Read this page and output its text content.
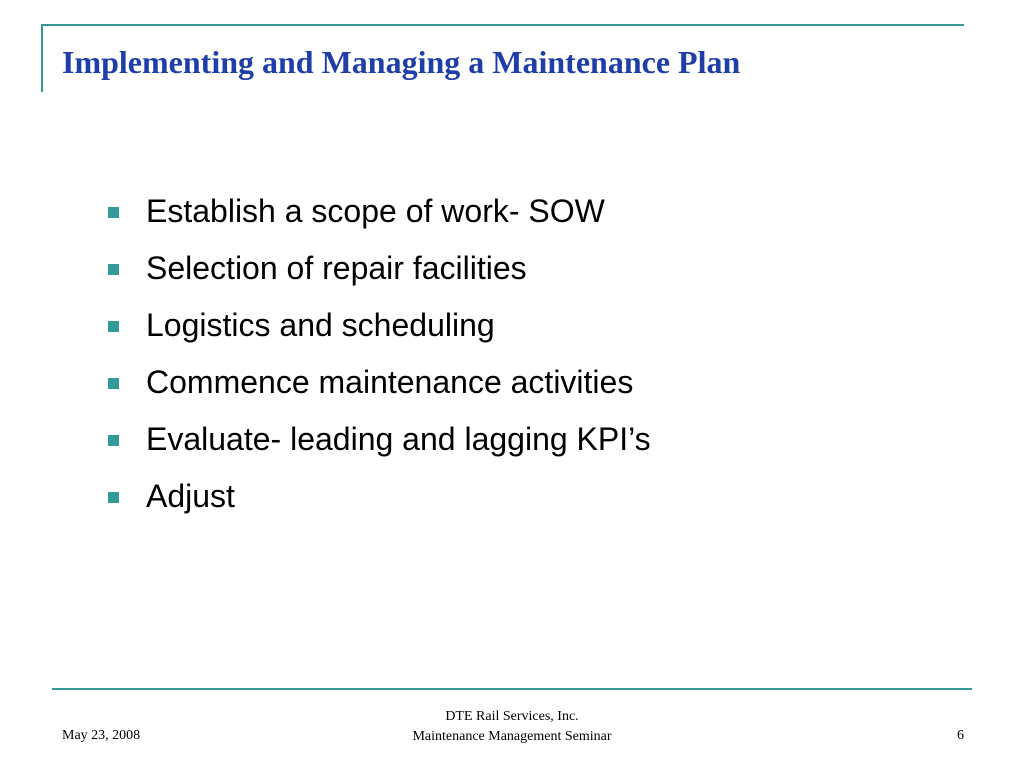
Implementing and Managing a Maintenance Plan
Establish a scope of work- SOW
Selection of repair facilities
Logistics and scheduling
Commence maintenance activities
Evaluate- leading and lagging KPI’s
Adjust
May 23, 2008
DTE Rail Services, Inc.
Maintenance Management Seminar	6
